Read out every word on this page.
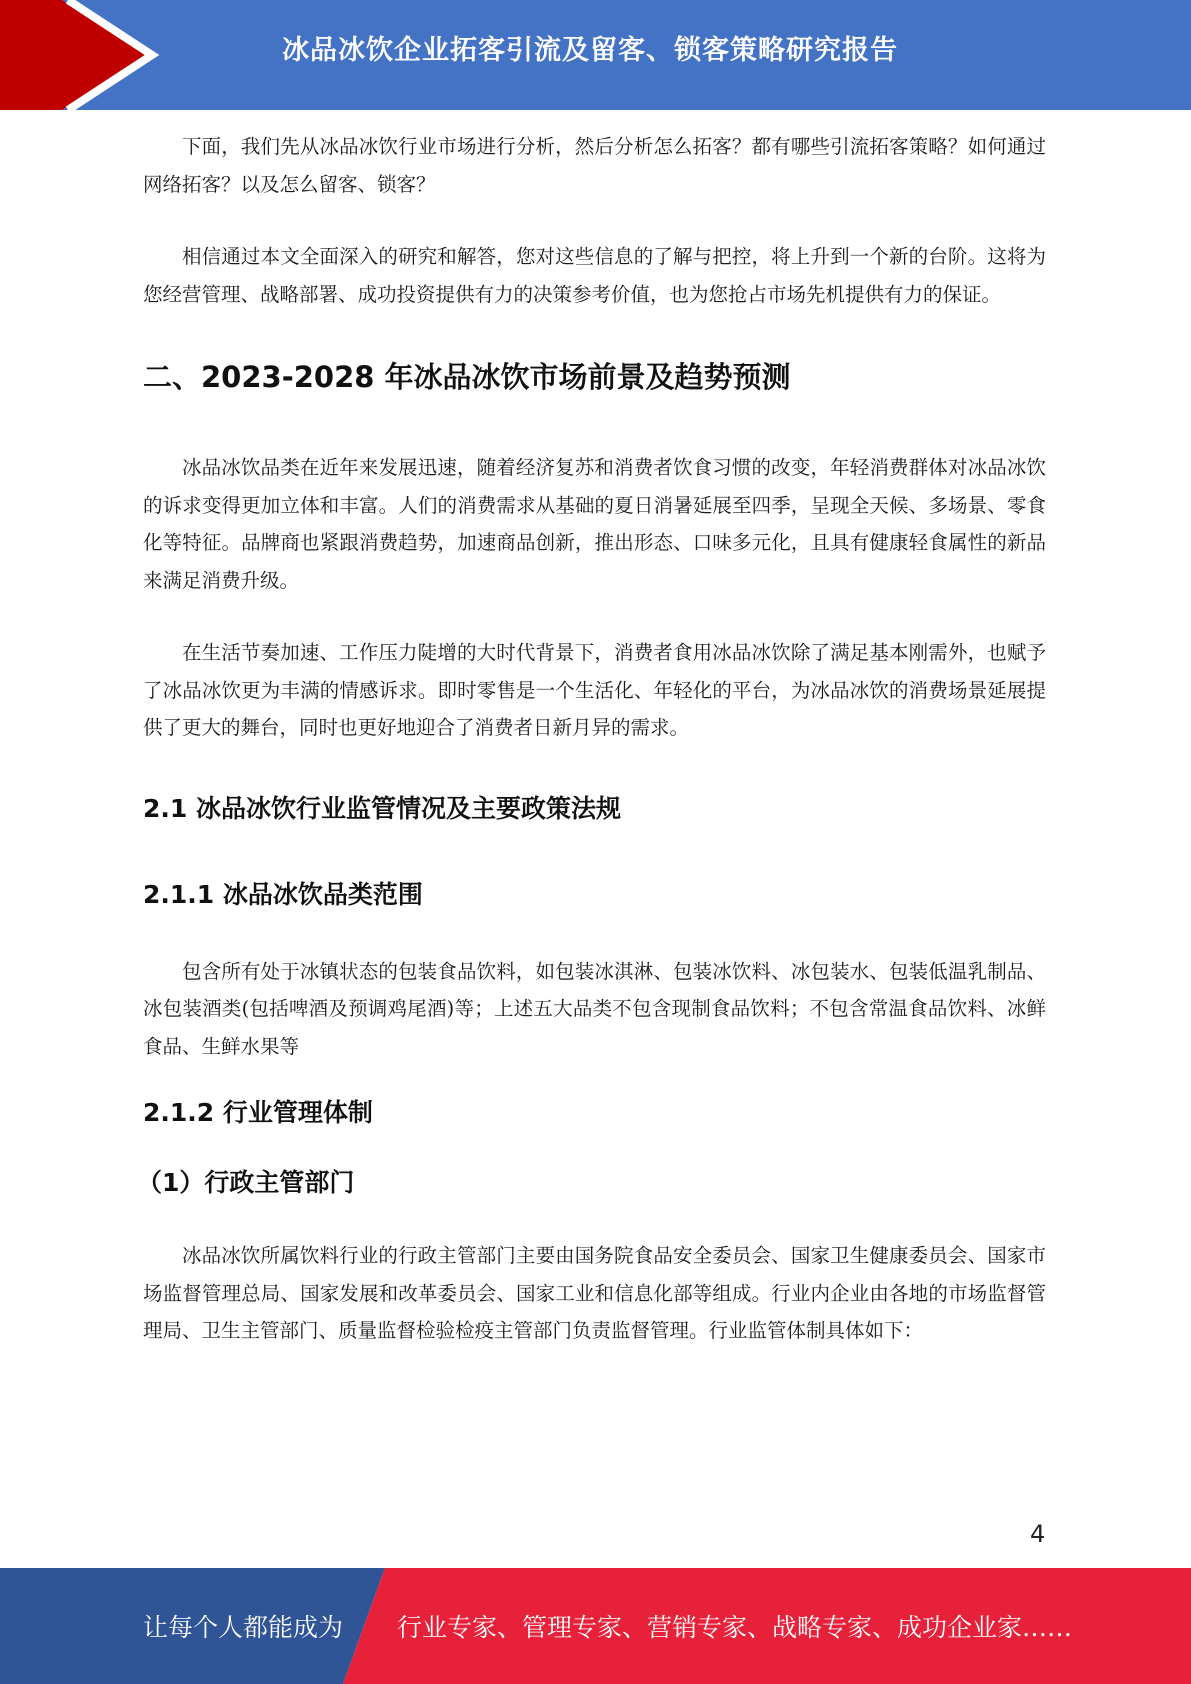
冰品冰饮企业拓客引流及留客、锁客策略研究报告

下面，我们先从冰品冰饮行业市场进行分析，然后分析怎么拓客？都有哪些引流拓客策略？如何通过网络拓客？以及怎么留客、锁客？

相信通过本文全面深入的研究和解答，您对这些信息的了解与把控，将上升到一个新的台阶。这将为您经营管理、战略部署、成功投资提供有力的决策参考价值，也为您抢占市场先机提供有力的保证。

二、2023-2028 年冰品冰饮市场前景及趋势预测

冰品冰饮品类在近年来发展迅速，随着经济复苏和消费者饮食习惯的改变，年轻消费群体对冰品冰饮的诉求变得更加立体和丰富。人们的消费需求从基础的夏日消暑延展至四季，呈现全天候、多场景、零食化等特征。品牌商也紧跟消费趋势，加速商品创新，推出形态、口味多元化，且具有健康轻食属性的新品来满足消费升级。

在生活节奏加速、工作压力陡增的大时代背景下，消费者食用冰品冰饮除了满足基本刚需外，也赋予了冰品冰饮更为丰满的情感诉求。即时零售是一个生活化、年轻化的平台，为冰品冰饮的消费场景延展提供了更大的舞台，同时也更好地迎合了消费者日新月异的需求。

2.1 冰品冰饮行业监管情况及主要政策法规
2.1.1 冰品冰饮品类范围

包含所有处于冰镇状态的包装食品饮料，如包装冰淇淋、包装冰饮料、冰包装水、包装低温乳制品、冰包装酒类(包括啤酒及预调鸡尾酒)等；上述五大品类不包含现制食品饮料；不包含常温食品饮料、冰鲜食品、生鲜水果等

2.1.2 行业管理体制
（1）行政主管部门

冰品冰饮所属饮料行业的行政主管部门主要由国务院食品安全委员会、国家卫生健康委员会、国家市场监督管理总局、国家发展和改革委员会、国家工业和信息化部等组成。行业内企业由各地的市场监督管理局、卫生主管部门、质量监督检验检疫主管部门负责监督管理。行业监管体制具体如下：

4
让每个人都能成为 行业专家、管理专家、营销专家、战略专家、成功企业家……
